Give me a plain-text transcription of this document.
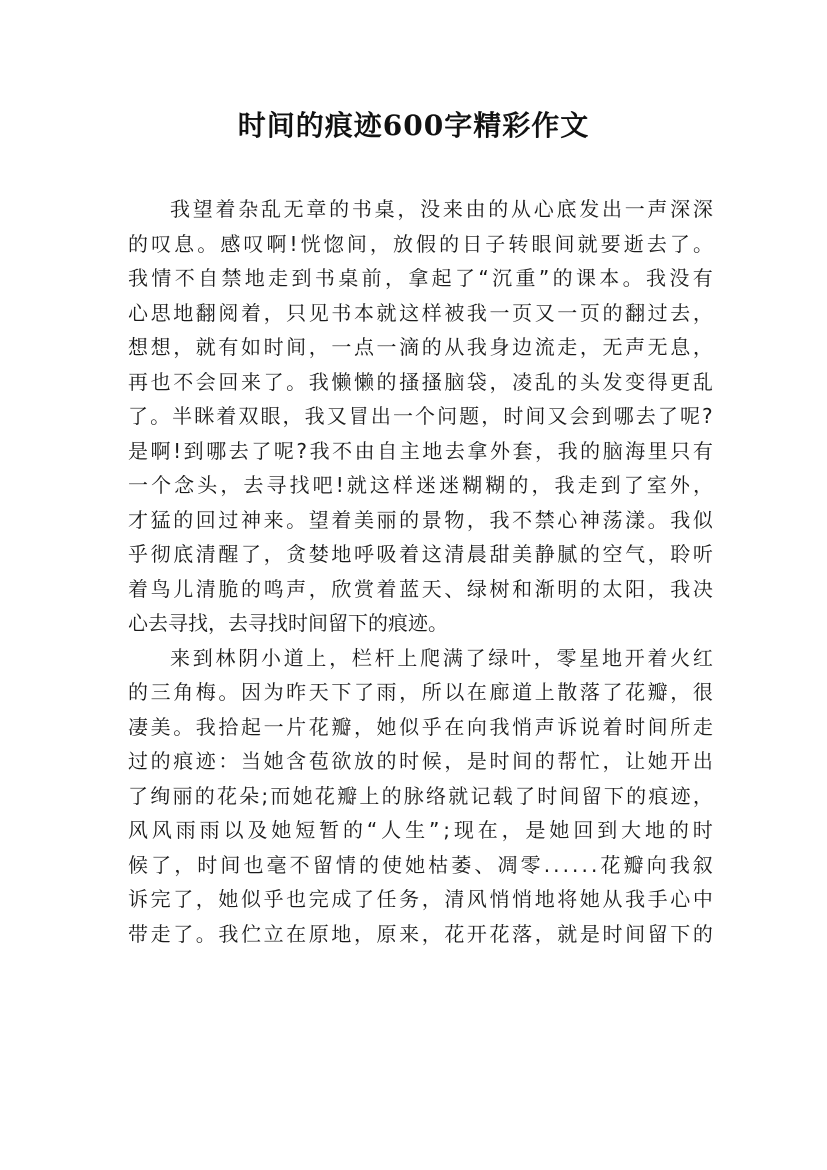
时间的痕迹600字精彩作文
我 望 着 杂 乱 无 章 的 书 桌 ， 没 来 由 的 从 心 底 发 出 一 声 深 深
的 叹 息 。 感 叹 啊 ! 恍 惚 间 ， 放 假 的 日 子 转 眼 间 就 要 逝 去 了 。
我 情 不 自 禁 地 走 到 书 桌 前 ， 拿 起 了 “ 沉 重 ” 的 课 本 。 我 没 有
心 思 地 翻 阅 着 ， 只 见 书 本 就 这 样 被 我 一 页 又 一 页 的 翻 过 去 ，
想 想 ， 就 有 如 时 间 ， 一 点 一 滴 的 从 我 身 边 流 走 ， 无 声 无 息 ，
再 也 不 会 回 来 了 。 我 懒 懒 的 搔 搔 脑 袋 ， 凌 乱 的 头 发 变 得 更 乱
了 。 半 眯 着 双 眼 ， 我 又 冒 出 一 个 问 题 ， 时 间 又 会 到 哪 去 了 呢 ?
是 啊 ! 到 哪 去 了 呢 ? 我 不 由 自 主 地 去 拿 外 套 ， 我 的 脑 海 里 只 有
一 个 念 头 ， 去 寻 找 吧 ! 就 这 样 迷 迷 糊 糊 的 ， 我 走 到 了 室 外 ，
才 猛 的 回 过 神 来 。 望 着 美 丽 的 景 物 ， 我 不 禁 心 神 荡 漾 。 我 似
乎 彻 底 清 醒 了 ， 贪 婪 地 呼 吸 着 这 清 晨 甜 美 静 腻 的 空 气 ， 聆 听
着 鸟 儿 清 脆 的 鸣 声 ， 欣 赏 着 蓝 天 、 绿 树 和 渐 明 的 太 阳 ， 我 决
心去寻找，去寻找时间留下的痕迹。
来 到 林 阴 小 道 上 ， 栏 杆 上 爬 满 了 绿 叶 ， 零 星 地 开 着 火 红
的 三 角 梅 。 因 为 昨 天 下 了 雨 ， 所 以 在 廊 道 上 散 落 了 花 瓣 ， 很
凄 美 。 我 拾 起 一 片 花 瓣 ， 她 似 乎 在 向 我 悄 声 诉 说 着 时 间 所 走
过 的 痕 迹 ： 当 她 含 苞 欲 放 的 时 候 ， 是 时 间 的 帮 忙 ， 让 她 开 出
了 绚 丽 的 花 朵 ; 而 她 花 瓣 上 的 脉 络 就 记 载 了 时 间 留 下 的 痕 迹 ，
风 风 雨 雨 以 及 她 短 暂 的 “ 人 生 ” ; 现 在 ， 是 她 回 到 大 地 的 时
候 了 ， 时 间 也 毫 不 留 情 的 使 她 枯 萎 、 凋 零 . . . . . . 花 瓣 向 我 叙
诉 完 了 ， 她 似 乎 也 完 成 了 任 务 ， 清 风 悄 悄 地 将 她 从 我 手 心 中
带 走 了 。 我 伫 立 在 原 地 ， 原 来 ， 花 开 花 落 ， 就 是 时 间 留 下 的
